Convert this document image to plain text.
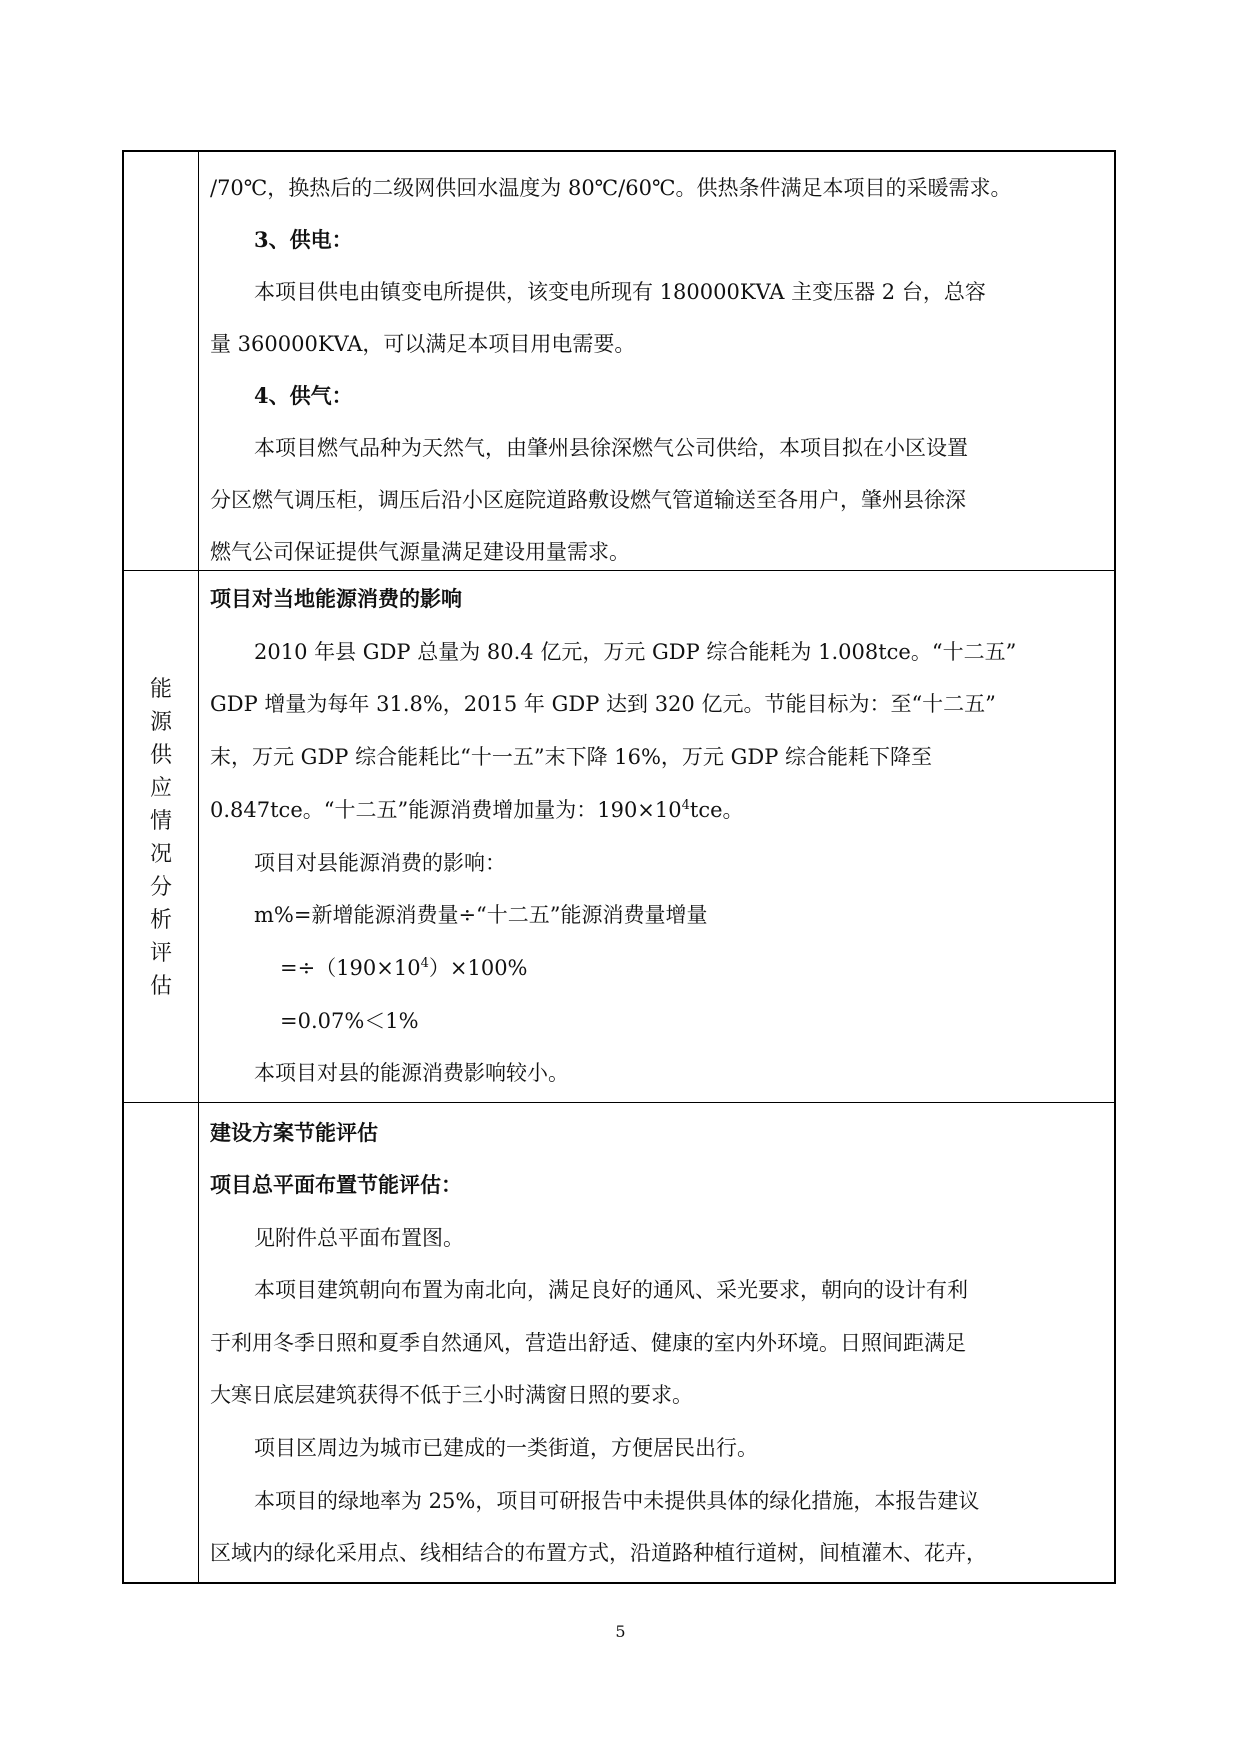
/70℃，换热后的二级网供回水温度为 80℃/60℃。供热条件满足本项目的采暖需求。
3、供电：
本项目供电由镇变电所提供，该变电所现有 180000KVA 主变压器 2 台，总容
量 360000KVA，可以满足本项目用电需要。
4、供气：
本项目燃气品种为天然气，由肇州县徐深燃气公司供给，本项目拟在小区设置
分区燃气调压柜，调压后沿小区庭院道路敷设燃气管道输送至各用户，肇州县徐深
燃气公司保证提供气源量满足建设用量需求。
能
源
供
应
情
况
分
析
评
估
项目对当地能源消费的影响
2010 年县 GDP 总量为 80.4 亿元，万元 GDP 综合能耗为 1.008tce。“十二五”
GDP 增量为每年 31.8%，2015 年 GDP 达到 320 亿元。节能目标为：至“十二五”
末，万元 GDP 综合能耗比“十一五”末下降 16%，万元 GDP 综合能耗下降至
0.847tce。“十二五”能源消费增加量为：$190\times 10^4tce$。
项目对县能源消费的影响：
m%=新增能源消费量÷“十二五”能源消费量增量
$=\div(190\times 10^4)\times 100\%$
=0.07%＜1%
本项目对县的能源消费影响较小。
建设方案节能评估
项目总平面布置节能评估：
见附件总平面布置图。
本项目建筑朝向布置为南北向，满足良好的通风、采光要求，朝向的设计有利
于利用冬季日照和夏季自然通风，营造出舒适、健康的室内外环境。日照间距满足
大寒日底层建筑获得不低于三小时满窗日照的要求。
项目区周边为城市已建成的一类街道，方便居民出行。
本项目的绿地率为 25%，项目可研报告中未提供具体的绿化措施，本报告建议
区域内的绿化采用点、线相结合的布置方式，沿道路种植行道树，间植灌木、花卉，
5
